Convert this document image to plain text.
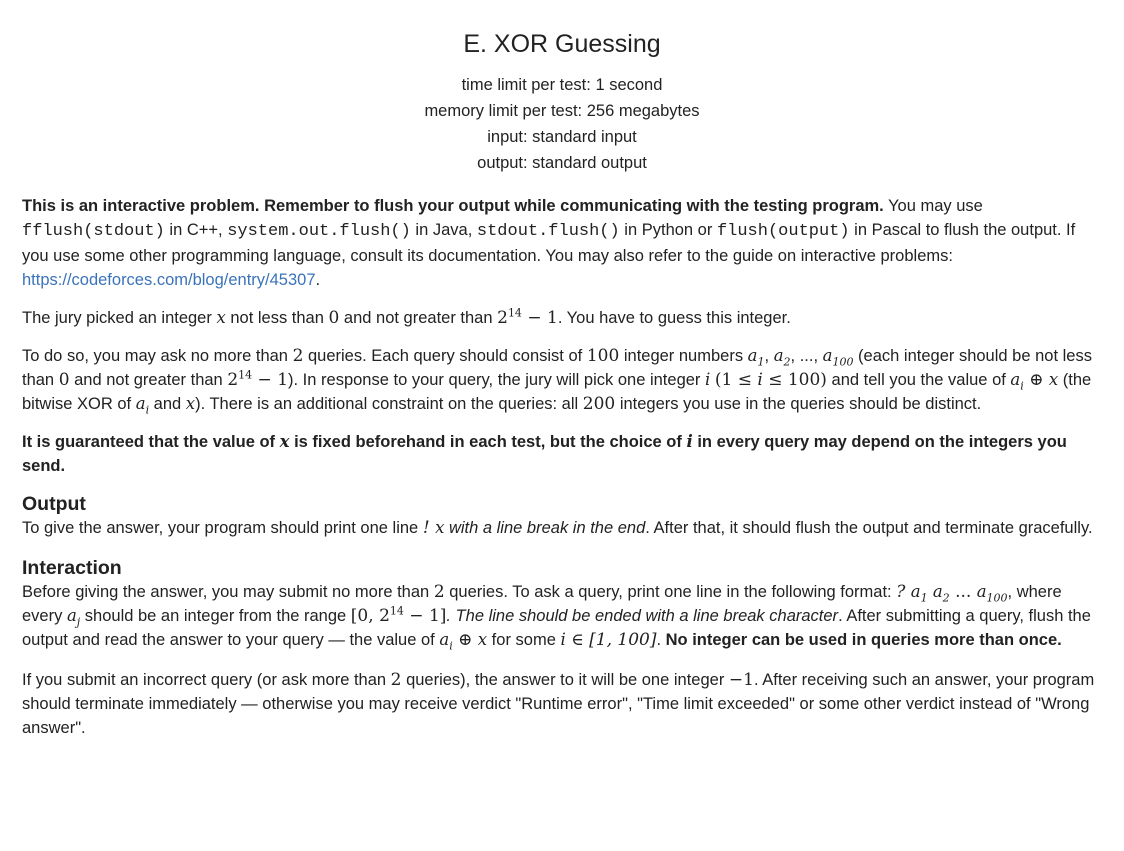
E. XOR Guessing
time limit per test: 1 second
memory limit per test: 256 megabytes
input: standard input
output: standard output

This is an interactive problem. Remember to flush your output while communicating with the testing program. You may use fflush(stdout) in C++, system.out.flush() in Java, stdout.flush() in Python or flush(output) in Pascal to flush the output. If you use some other programming language, consult its documentation. You may also refer to the guide on interactive problems: https://codeforces.com/blog/entry/45307.

The jury picked an integer x not less than 0 and not greater than $2^{14} - 1$. You have to guess this integer.

To do so, you may ask no more than 2 queries. Each query should consist of 100 integer numbers $a_1$, $a_2$, ..., $a_{100}$ (each integer should be not less than 0 and not greater than $2^{14} - 1$). In response to your query, the jury will pick one integer i (1 ≤ i ≤ 100) and tell you the value of $a_i$ ⊕ x (the bitwise XOR of $a_i$ and x). There is an additional constraint on the queries: all 200 integers you use in the queries should be distinct.

It is guaranteed that the value of x is fixed beforehand in each test, but the choice of i in every query may depend on the integers you send.

Output

To give the answer, your program should print one line ! x with a line break in the end. After that, it should flush the output and terminate gracefully.

Interaction

Before giving the answer, you may submit no more than 2 queries. To ask a query, print one line in the following format: ? $a_1$ $a_2$ ... $a_{100}$, where every $a_j$ should be an integer from the range [0, $2^{14} - 1$]. The line should be ended with a line break character. After submitting a query, flush the output and read the answer to your query — the value of $a_i$ ⊕ x for some i ∈ [1, 100]. No integer can be used in queries more than once.

If you submit an incorrect query (or ask more than 2 queries), the answer to it will be one integer −1. After receiving such an answer, your program should terminate immediately — otherwise you may receive verdict "Runtime error", "Time limit exceeded" or some other verdict instead of "Wrong answer".
